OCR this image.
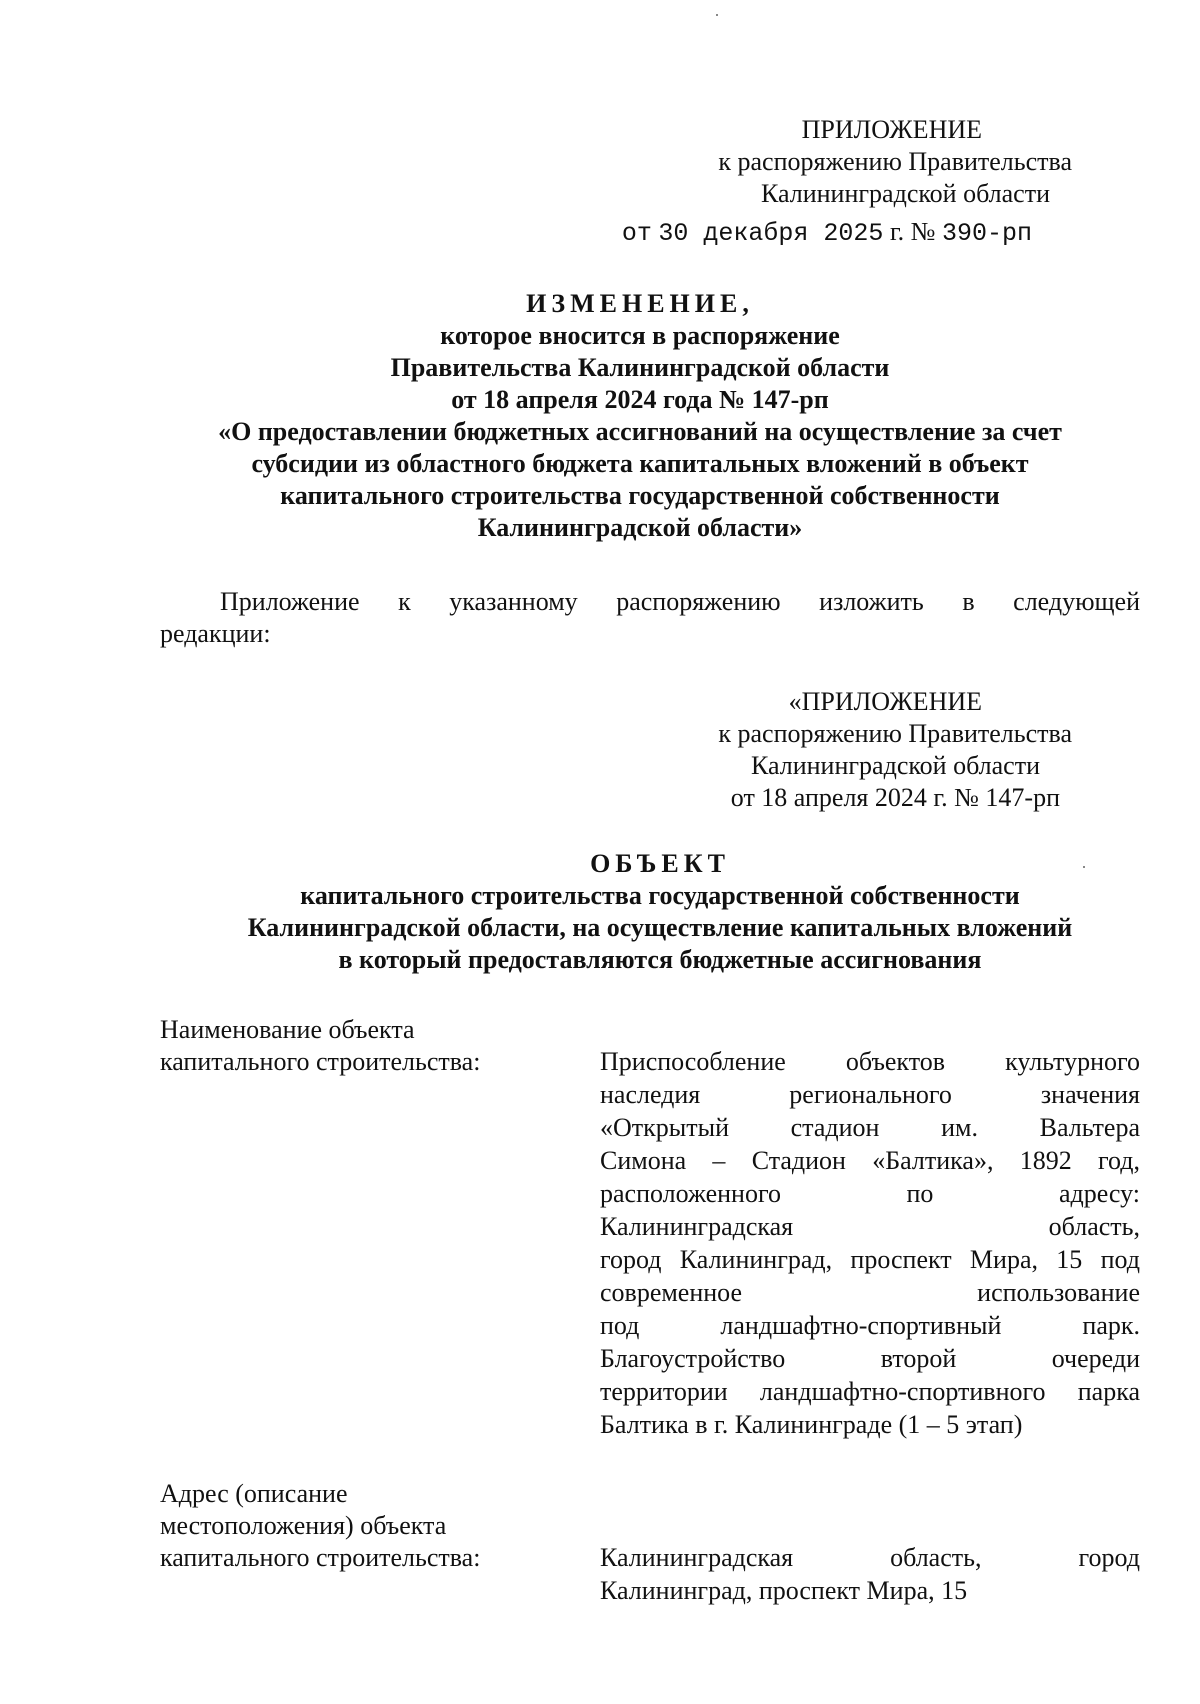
ПРИЛОЖЕНИЕ
к распоряжению Правительства
Калининградской области
от 30 декабря 2025 г. № 390-рп
ИЗМЕНЕНИЕ,
которое вносится в распоряжение
Правительства Калининградской области
от 18 апреля 2024 года № 147-рп
«О предоставлении бюджетных ассигнований на осуществление за счет
субсидии из областного бюджета капитальных вложений в объект
капитального строительства государственной собственности
Калининградской области»
Приложение к указанному распоряжению изложить в следующей
редакции:
«ПРИЛОЖЕНИЕ
к распоряжению Правительства
Калининградской области
от 18 апреля 2024 г. № 147-рп
ОБЪЕКТ
капитального строительства государственной собственности
Калининградской области, на осуществление капитальных вложений
в который предоставляются бюджетные ассигнования
Наименование объекта
капитального строительства:	Приспособление объектов культурного
наследия регионального значения
«Открытый стадион им. Вальтера
Симона – Стадион «Балтика», 1892 год,
расположенного по адресу:
Калининградская область,
город Калининград, проспект Мира, 15 под
современное использование
под ландшафтно-спортивный парк.
Благоустройство второй очереди
территории ландшафтно-спортивного парка
Балтика в г. Калининграде (1 – 5 этап)
Адрес (описание
местоположения) объекта
капитального строительства:	Калининградская область, город
Калининград, проспект Мира, 15
